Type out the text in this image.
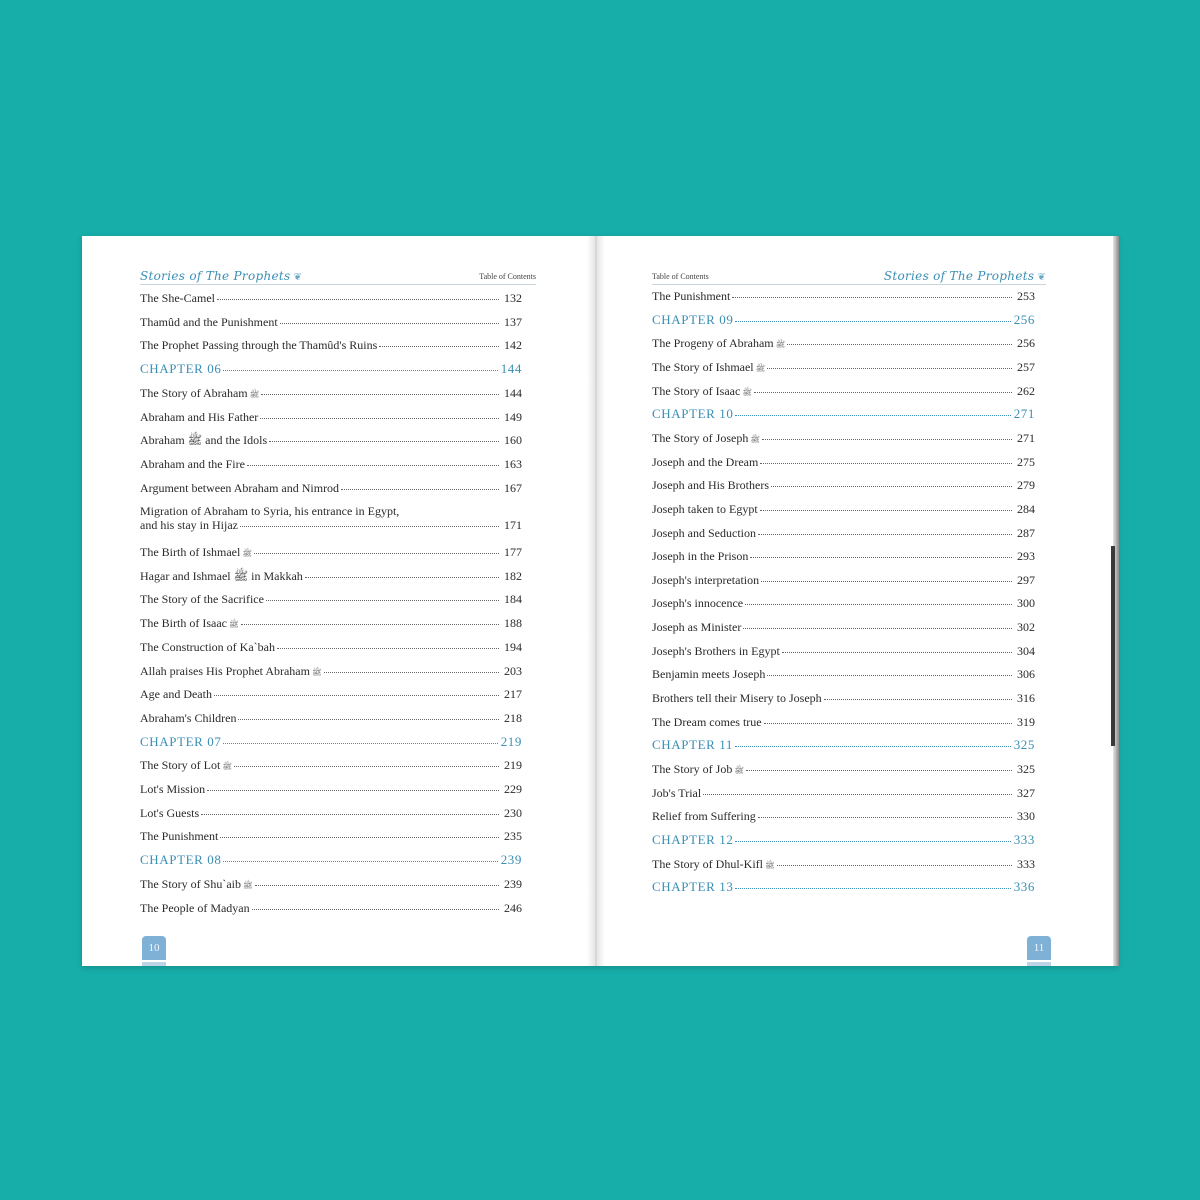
Stories of The Prophets ❦	Table of Contents
The She-Camel	132
Thamûd and the Punishment	137
The Prophet Passing through the Thamûd's Ruins	142
CHAPTER 06	144
The Story of Abraham ﷺ	144
Abraham and His Father	149
Abraham ﷺ and the Idols	160
Abraham and the Fire	163
Argument between Abraham and Nimrod	167
Migration of Abraham to Syria, his entrance in Egypt,
and his stay in Hijaz	171
The Birth of Ishmael ﷺ	177
Hagar and Ishmael ﷺ in Makkah	182
The Story of the Sacrifice	184
The Birth of Isaac ﷺ	188
The Construction of Ka`bah	194
Allah praises His Prophet Abraham ﷺ	203
Age and Death	217
Abraham's Children	218
CHAPTER 07	219
The Story of Lot ﷺ	219
Lot's Mission	229
Lot's Guests	230
The Punishment	235
CHAPTER 08	239
The Story of Shu`aib ﷺ	239
The People of Madyan	246
10
Table of Contents	Stories of The Prophets ❦
The Punishment	253
CHAPTER 09	256
The Progeny of Abraham ﷺ	256
The Story of Ishmael ﷺ	257
The Story of Isaac ﷺ	262
CHAPTER 10	271
The Story of Joseph ﷺ	271
Joseph and the Dream	275
Joseph and His Brothers	279
Joseph taken to Egypt	284
Joseph and Seduction	287
Joseph in the Prison	293
Joseph's interpretation	297
Joseph's innocence	300
Joseph as Minister	302
Joseph's Brothers in Egypt	304
Benjamin meets Joseph	306
Brothers tell their Misery to Joseph	316
The Dream comes true	319
CHAPTER 11	325
The Story of Job ﷺ	325
Job's Trial	327
Relief from Suffering	330
CHAPTER 12	333
The Story of Dhul-Kifl ﷺ	333
CHAPTER 13	336
11
